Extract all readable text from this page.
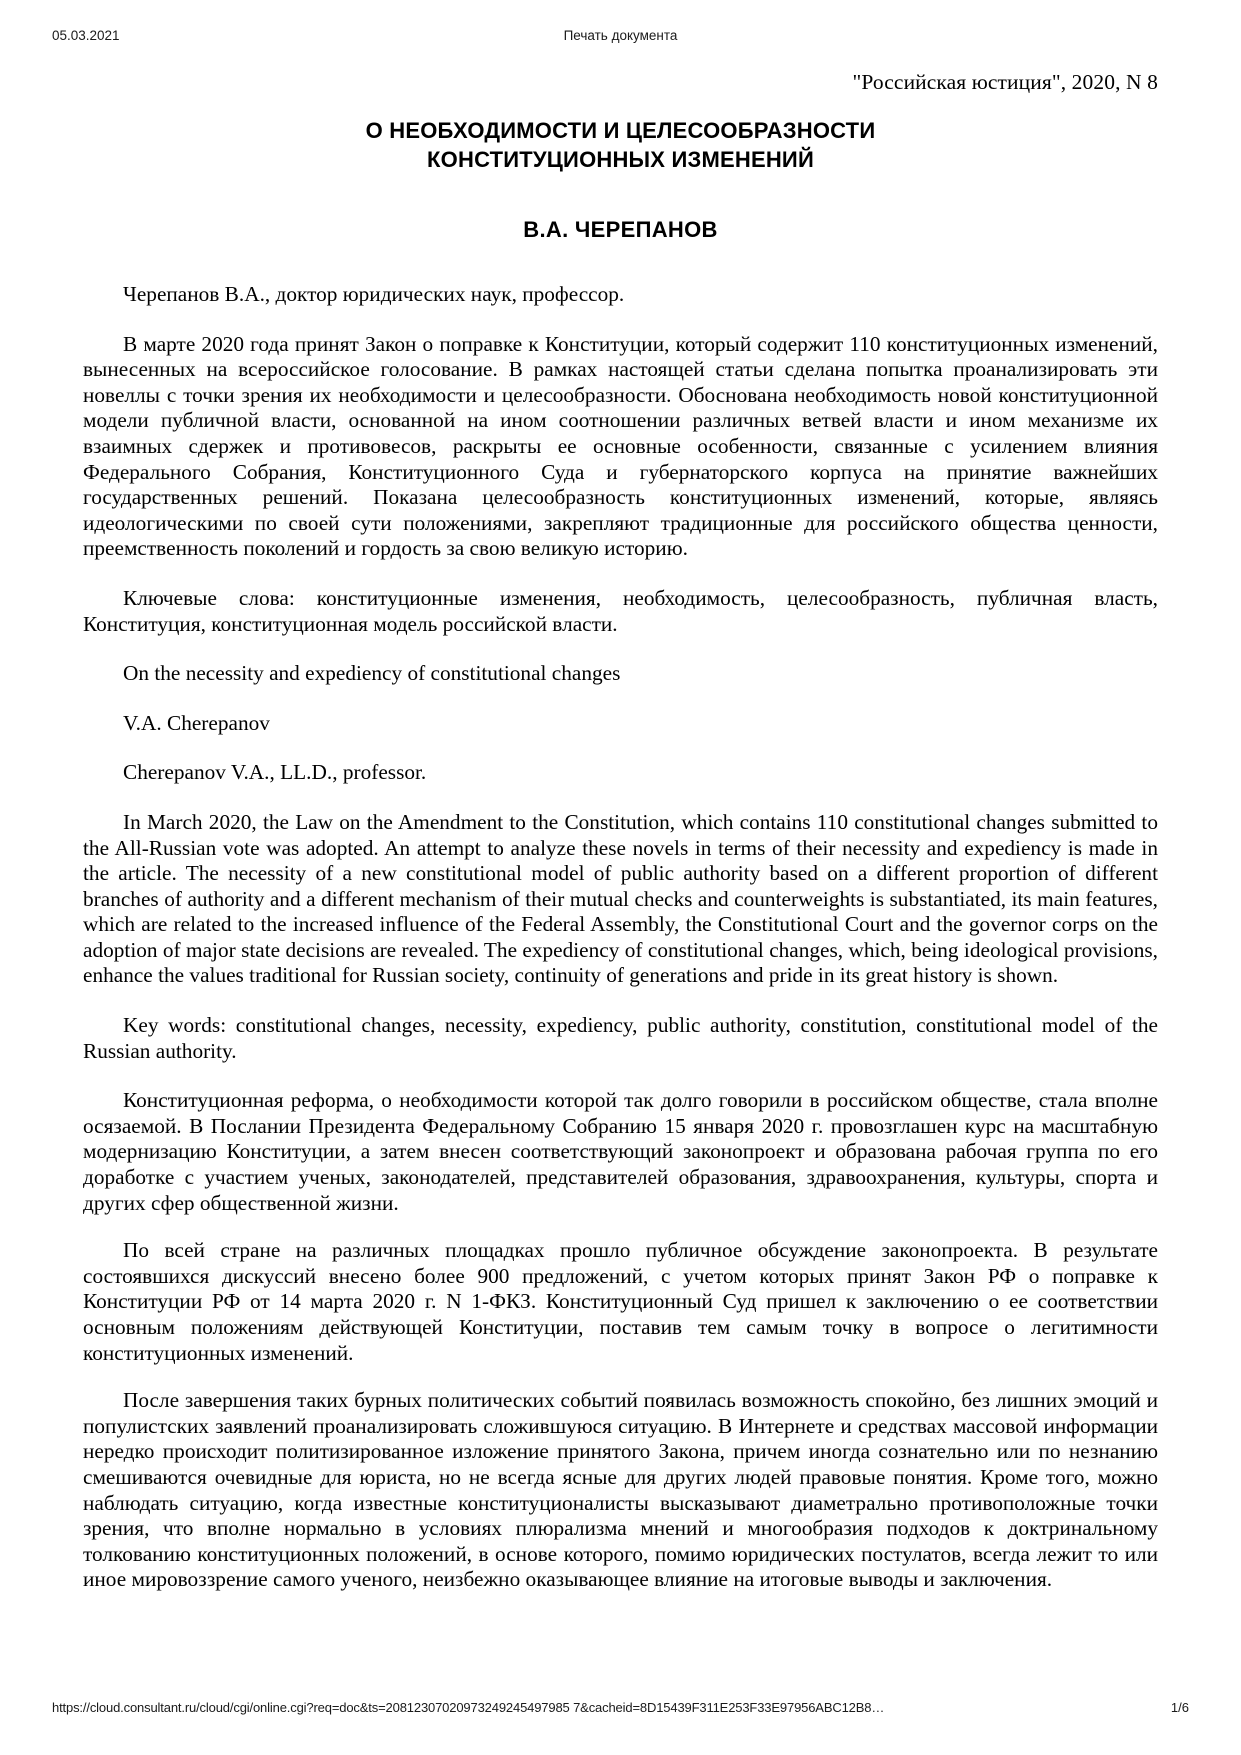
05.03.2021	Печать документа
"Российская юстиция", 2020, N 8
О НЕОБХОДИМОСТИ И ЦЕЛЕСООБРАЗНОСТИ
КОНСТИТУЦИОННЫХ ИЗМЕНЕНИЙ
В.А. ЧЕРЕПАНОВ

Черепанов В.А., доктор юридических наук, профессор.

В марте 2020 года принят Закон о поправке к Конституции, который содержит 110 конституционных изменений, вынесенных на всероссийское голосование. В рамках настоящей статьи сделана попытка проанализировать эти новеллы с точки зрения их необходимости и целесообразности. Обоснована необходимость новой конституционной модели публичной власти, основанной на ином соотношении различных ветвей власти и ином механизме их взаимных сдержек и противовесов, раскрыты ее основные особенности, связанные с усилением влияния Федерального Собрания, Конституционного Суда и губернаторского корпуса на принятие важнейших государственных решений. Показана целесообразность конституционных изменений, которые, являясь идеологическими по своей сути положениями, закрепляют традиционные для российского общества ценности, преемственность поколений и гордость за свою великую историю.

Ключевые слова: конституционные изменения, необходимость, целесообразность, публичная власть, Конституция, конституционная модель российской власти.

On the necessity and expediency of constitutional changes

V.A. Cherepanov

Cherepanov V.A., LL.D., professor.

In March 2020, the Law on the Amendment to the Constitution, which contains 110 constitutional changes submitted to the All-Russian vote was adopted. An attempt to analyze these novels in terms of their necessity and expediency is made in the article. The necessity of a new constitutional model of public authority based on a different proportion of different branches of authority and a different mechanism of their mutual checks and counterweights is substantiated, its main features, which are related to the increased influence of the Federal Assembly, the Constitutional Court and the governor corps on the adoption of major state decisions are revealed. The expediency of constitutional changes, which, being ideological provisions, enhance the values traditional for Russian society, continuity of generations and pride in its great history is shown.

Key words: constitutional changes, necessity, expediency, public authority, constitution, constitutional model of the Russian authority.

Конституционная реформа, о необходимости которой так долго говорили в российском обществе, стала вполне осязаемой. В Послании Президента Федеральному Собранию 15 января 2020 г. провозглашен курс на масштабную модернизацию Конституции, а затем внесен соответствующий законопроект и образована рабочая группа по его доработке с участием ученых, законодателей, представителей образования, здравоохранения, культуры, спорта и других сфер общественной жизни.

По всей стране на различных площадках прошло публичное обсуждение законопроекта. В результате состоявшихся дискуссий внесено более 900 предложений, с учетом которых принят Закон РФ о поправке к Конституции РФ от 14 марта 2020 г. N 1-ФКЗ. Конституционный Суд пришел к заключению о ее соответствии основным положениям действующей Конституции, поставив тем самым точку в вопросе о легитимности конституционных изменений.

После завершения таких бурных политических событий появилась возможность спокойно, без лишних эмоций и популистских заявлений проанализировать сложившуюся ситуацию. В Интернете и средствах массовой информации нередко происходит политизированное изложение принятого Закона, причем иногда сознательно или по незнанию смешиваются очевидные для юриста, но не всегда ясные для других людей правовые понятия. Кроме того, можно наблюдать ситуацию, когда известные конституционалисты высказывают диаметрально противоположные точки зрения, что вполне нормально в условиях плюрализма мнений и многообразия подходов к доктринальному толкованию конституционных положений, в основе которого, помимо юридических постулатов, всегда лежит то или иное мировоззрение самого ученого, неизбежно оказывающее влияние на итоговые выводы и заключения.

https://cloud.consultant.ru/cloud/cgi/online.cgi?req=doc&ts=20812307020973249245497985 7&cacheid=8D15439F311E253F33E97956ABC12B8…	1/6
